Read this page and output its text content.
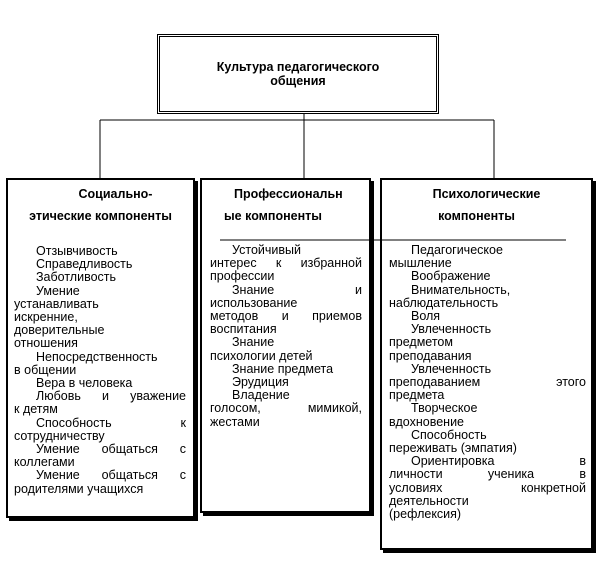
Культура педагогического
общения
Социально-
этические компоненты
Отзывчивость
Справедливость
Заботливость
Умение
устанавливать
искренние,
доверительные
отношения
Непосредственность
в общении
Вера в человека
Любовь и уважение
к детям
Способность к
сотрудничеству
Умение общаться с
коллегами
Умение общаться с
родителями учащихся
Профессиональн
ые компоненты
Устойчивый
интерес к избранной
профессии
Знание и
использование
методов и приемов
воспитания
Знание
психологии детей
Знание предмета
Эрудиция
Владение
голосом, мимикой,
жестами
Психологические
компоненты
Педагогическое
мышление
Воображение
Внимательность,
наблюдательность
Воля
Увлеченность
предметом
преподавания
Увлеченность
преподаванием этого
предмета
Творческое
вдохновение
Способность
переживать (эмпатия)
Ориентировка в
личности ученика в
условиях конкретной
деятельности
(рефлексия)
